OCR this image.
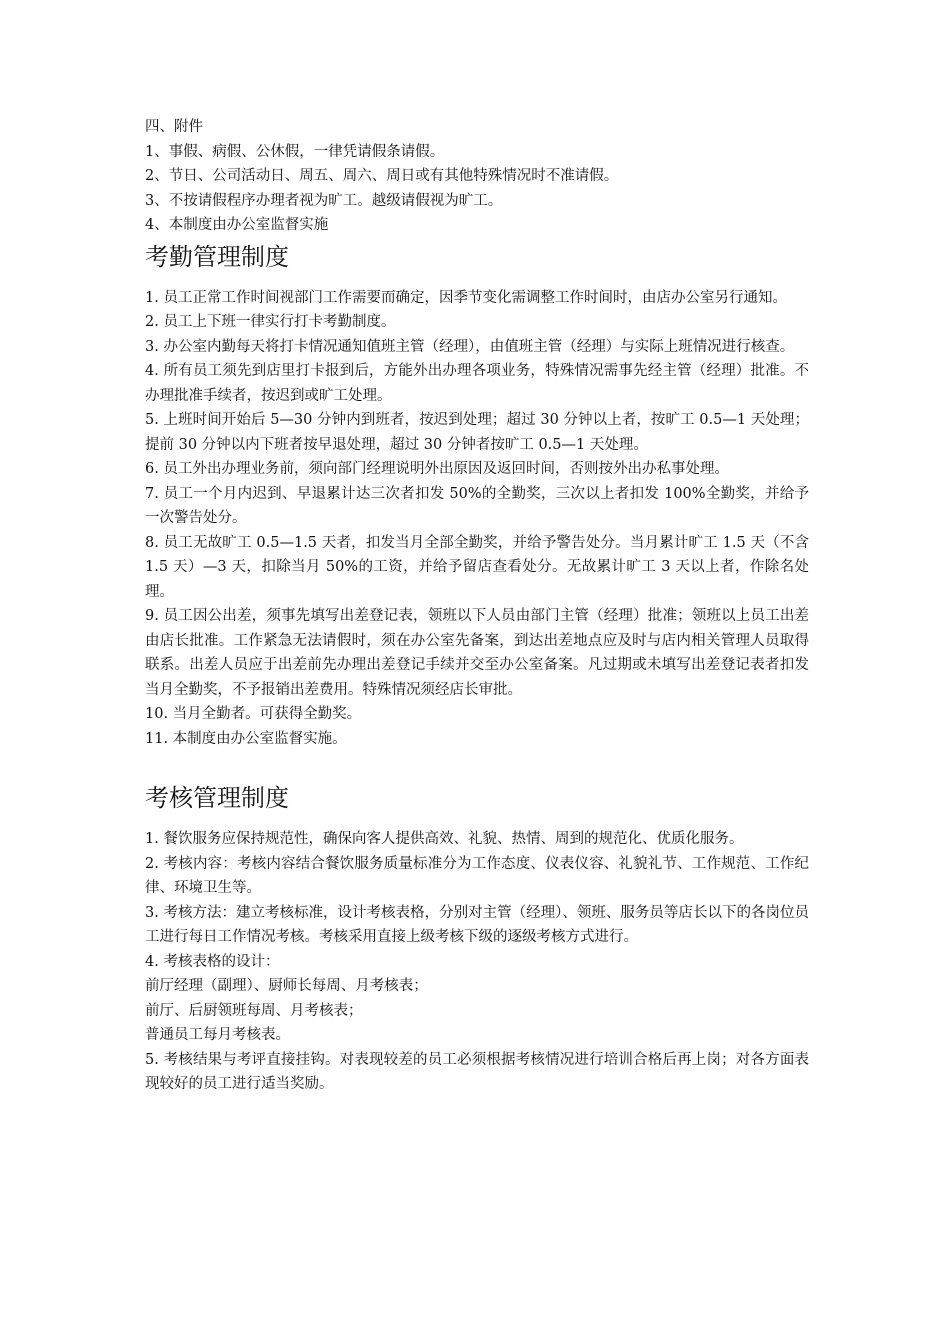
四、附件

1、事假、病假、公休假，一律凭请假条请假。

2、节日、公司活动日、周五、周六、周日或有其他特殊情况时不准请假。

3、不按请假程序办理者视为旷工。越级请假视为旷工。

4、本制度由办公室监督实施

考勤管理制度

1. 员工正常工作时间视部门工作需要而确定，因季节变化需调整工作时间时，由店办公室另行通知。

2. 员工上下班一律实行打卡考勤制度。

3. 办公室内勤每天将打卡情况通知值班主管（经理），由值班主管（经理）与实际上班情况进行核查。

4. 所有员工须先到店里打卡报到后，方能外出办理各项业务，特殊情况需事先经主管（经理）批准。不办理批准手续者，按迟到或旷工处理。

5. 上班时间开始后 5—30 分钟内到班者，按迟到处理；超过 30 分钟以上者，按旷工 0.5—1 天处理；提前 30 分钟以内下班者按早退处理，超过 30 分钟者按旷工 0.5—1 天处理。

6. 员工外出办理业务前，须向部门经理说明外出原因及返回时间，否则按外出办私事处理。

7. 员工一个月内迟到、早退累计达三次者扣发 50%的全勤奖，三次以上者扣发 100%全勤奖，并给予一次警告处分。

8. 员工无故旷工 0.5—1.5 天者，扣发当月全部全勤奖，并给予警告处分。当月累计旷工 1.5 天（不含 1.5 天）—3 天，扣除当月 50%的工资，并给予留店查看处分。无故累计旷工 3 天以上者，作除名处理。

9. 员工因公出差，须事先填写出差登记表，领班以下人员由部门主管（经理）批准；领班以上员工出差由店长批准。工作紧急无法请假时，须在办公室先备案，到达出差地点应及时与店内相关管理人员取得联系。出差人员应于出差前先办理出差登记手续并交至办公室备案。凡过期或未填写出差登记表者扣发当月全勤奖，不予报销出差费用。特殊情况须经店长审批。

10. 当月全勤者。可获得全勤奖。

11. 本制度由办公室监督实施。

考核管理制度

1. 餐饮服务应保持规范性，确保向客人提供高效、礼貌、热情、周到的规范化、优质化服务。

2. 考核内容：考核内容结合餐饮服务质量标准分为工作态度、仪表仪容、礼貌礼节、工作规范、工作纪律、环境卫生等。

3. 考核方法：建立考核标准，设计考核表格，分别对主管（经理）、领班、服务员等店长以下的各岗位员工进行每日工作情况考核。考核采用直接上级考核下级的逐级考核方式进行。

4. 考核表格的设计：

前厅经理（副理）、厨师长每周、月考核表；

前厅、后厨领班每周、月考核表；

普通员工每月考核表。

5. 考核结果与考评直接挂钩。对表现较差的员工必须根据考核情况进行培训合格后再上岗；对各方面表现较好的员工进行适当奖励。
